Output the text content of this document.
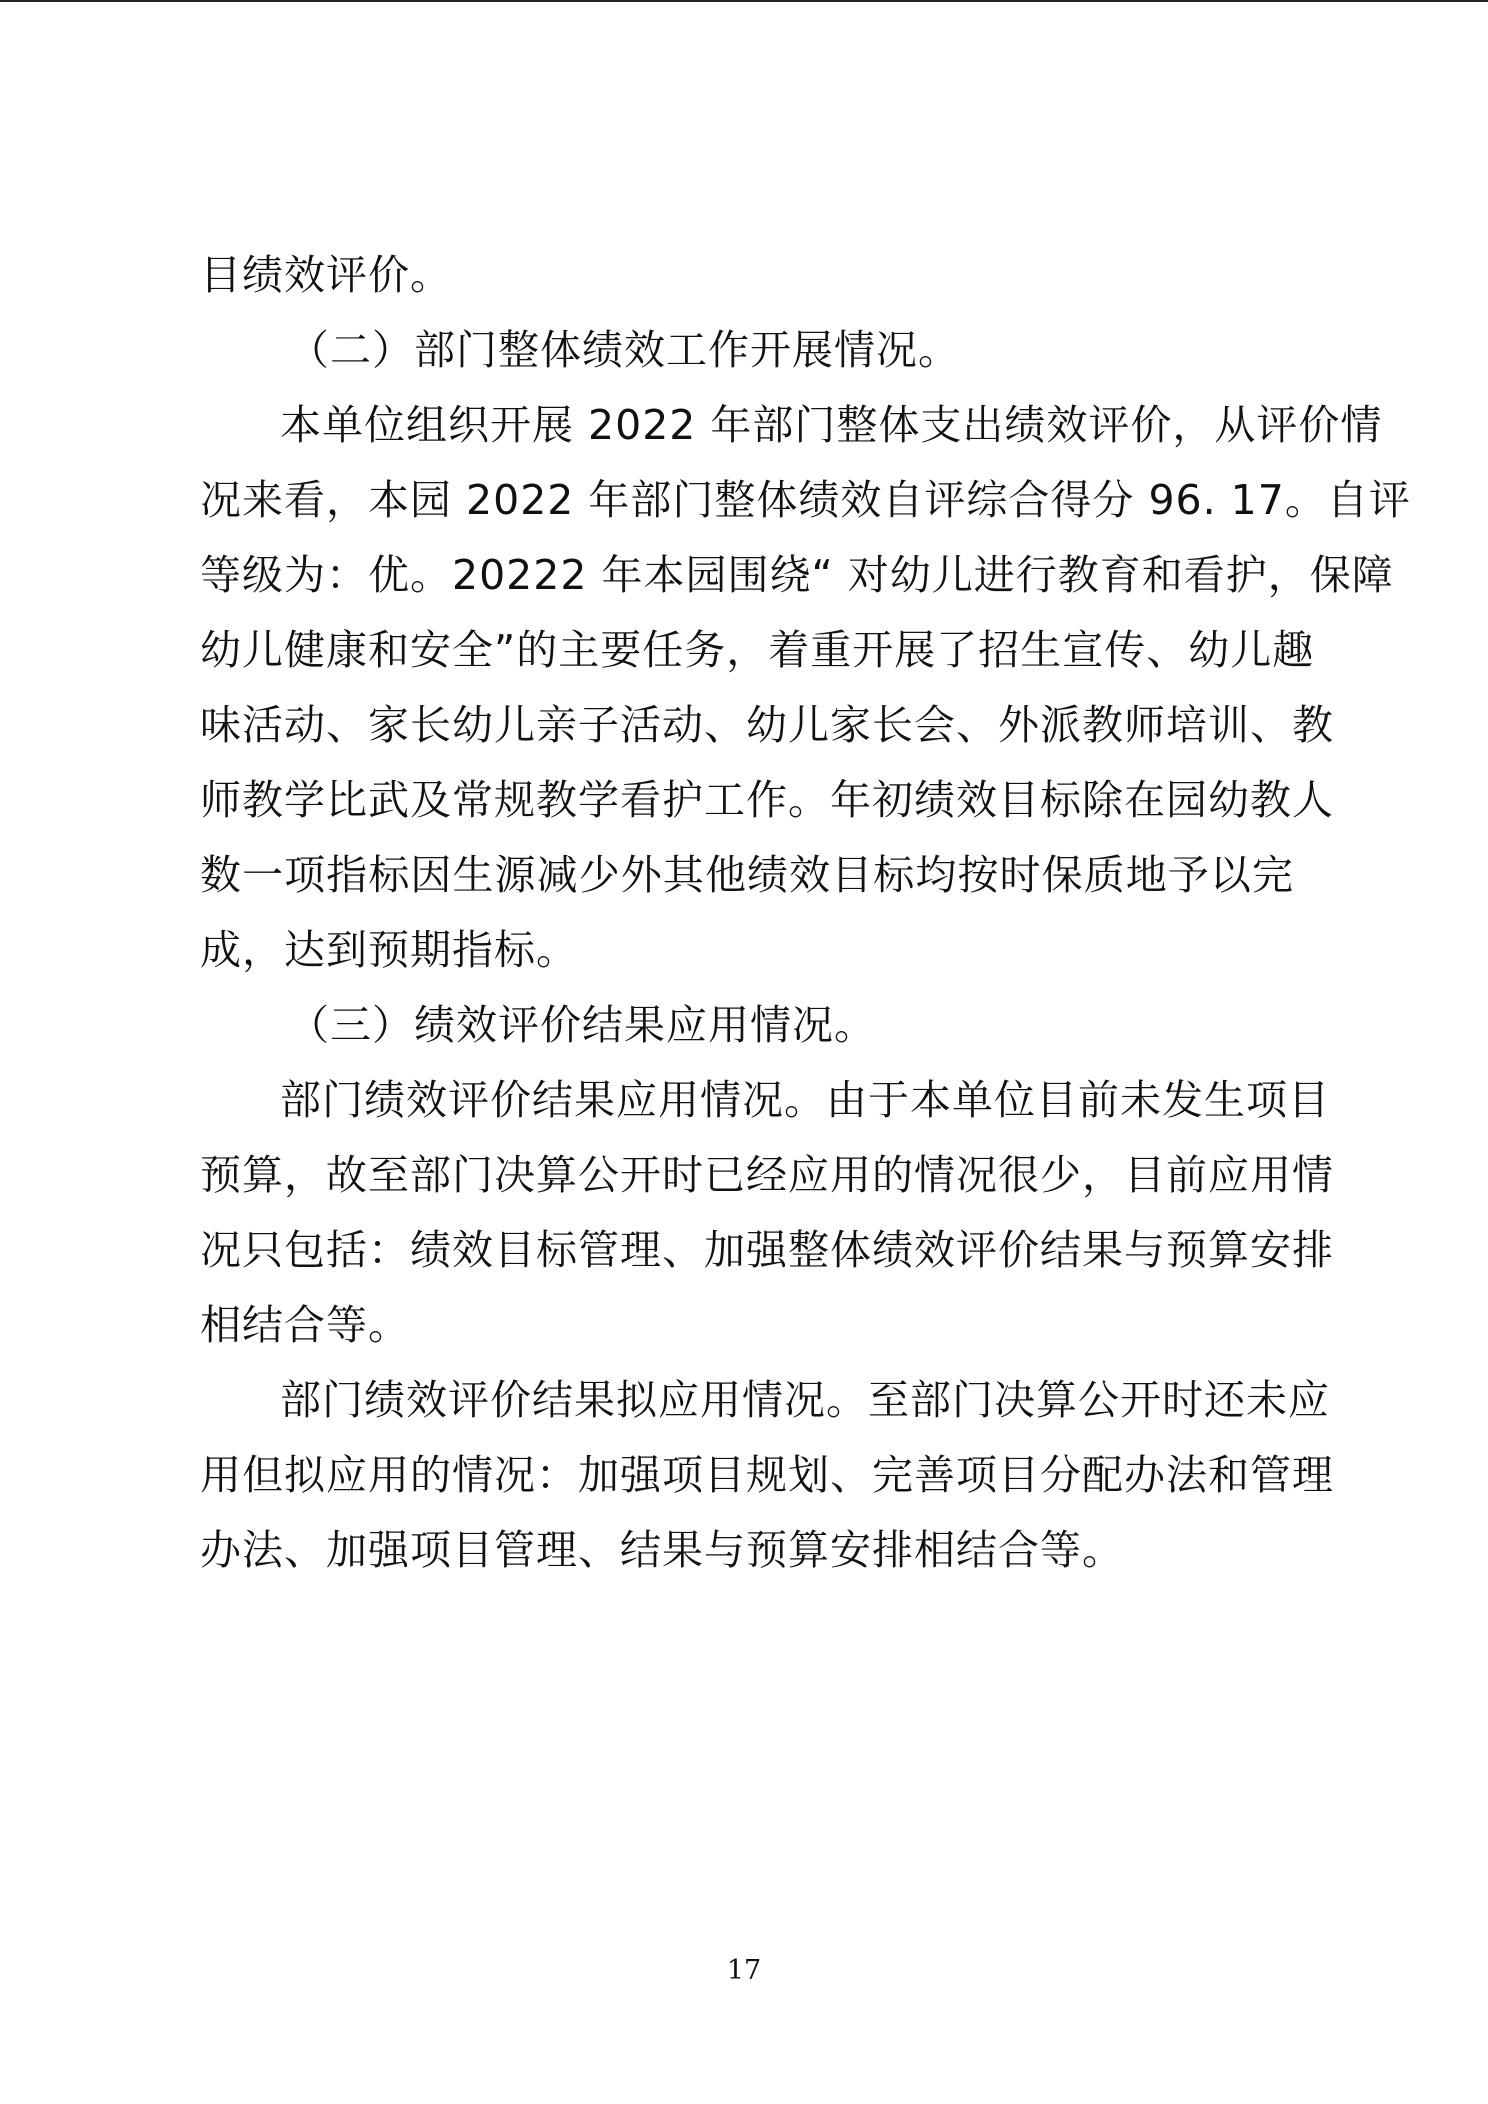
目绩效评价。
（二）部门整体绩效工作开展情况。
本单位组织开展 2022 年部门整体支出绩效评价，从评价情
况来看，本园 2022 年部门整体绩效自评综合得分 96. 17。自评
等级为：优。20222 年本园围绕“ 对幼儿进行教育和看护，保障
幼儿健康和安全”的主要任务，着重开展了招生宣传、幼儿趣
味活动、家长幼儿亲子活动、幼儿家长会、外派教师培训、教
师教学比武及常规教学看护工作。年初绩效目标除在园幼教人
数一项指标因生源减少外其他绩效目标均按时保质地予以完
成，达到预期指标。
（三）绩效评价结果应用情况。
部门绩效评价结果应用情况。由于本单位目前未发生项目
预算，故至部门决算公开时已经应用的情况很少，目前应用情
况只包括：绩效目标管理、加强整体绩效评价结果与预算安排
相结合等。
部门绩效评价结果拟应用情况。至部门决算公开时还未应
用但拟应用的情况：加强项目规划、完善项目分配办法和管理
办法、加强项目管理、结果与预算安排相结合等。
17
